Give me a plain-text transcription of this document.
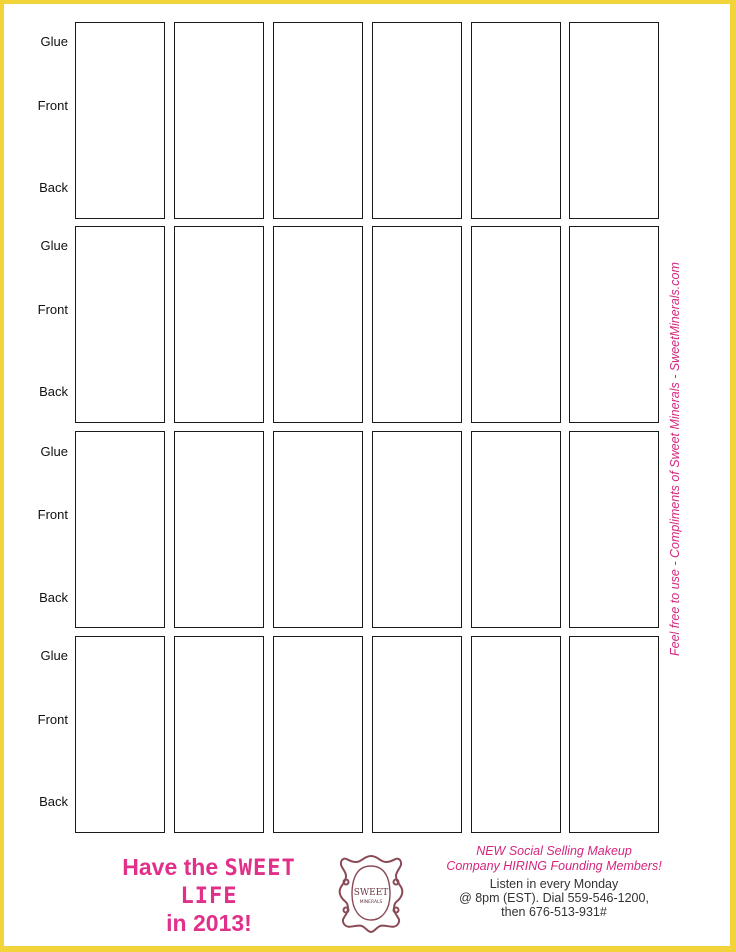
Glue
Front
Back
Glue
Front
Back
Glue
Front
Back
Glue
Front
Back
Feel free to use - Compliments of Sweet Minerals - SweetMinerals.com
Have the SWEET LIFE
in 2013!
SWEET
MINERALS
NEW Social Selling Makeup
Company HIRING Founding Members!
Listen in every Monday
@ 8pm (EST). Dial 559-546-1200,
then 676-513-931#
